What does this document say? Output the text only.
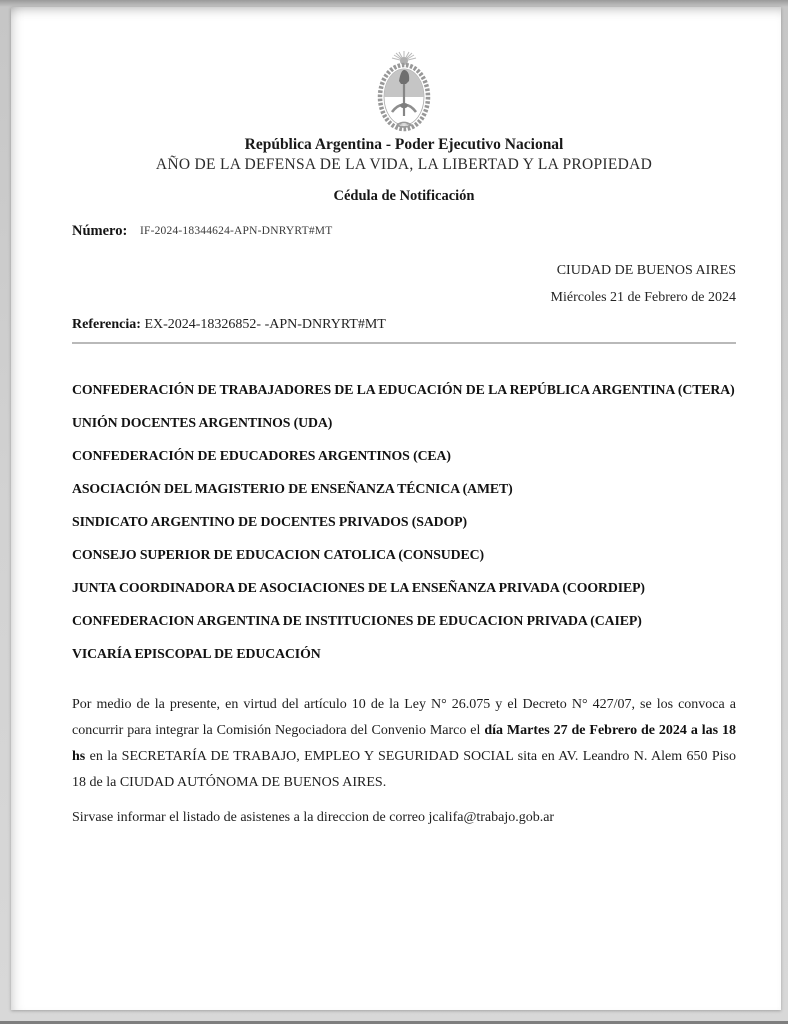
República Argentina - Poder Ejecutivo Nacional
AÑO DE LA DEFENSA DE LA VIDA, LA LIBERTAD Y LA PROPIEDAD
Cédula de Notificación
Número: IF-2024-18344624-APN-DNRYRT#MT
CIUDAD DE BUENOS AIRES
Miércoles 21 de Febrero de 2024
Referencia: EX-2024-18326852- -APN-DNRYRT#MT
CONFEDERACIÓN DE TRABAJADORES DE LA EDUCACIÓN DE LA REPÚBLICA ARGENTINA (CTERA)
UNIÓN DOCENTES ARGENTINOS (UDA)
CONFEDERACIÓN DE EDUCADORES ARGENTINOS (CEA)
ASOCIACIÓN DEL MAGISTERIO DE ENSEÑANZA TÉCNICA (AMET)
SINDICATO ARGENTINO DE DOCENTES PRIVADOS (SADOP)
CONSEJO SUPERIOR DE EDUCACION CATOLICA (CONSUDEC)
JUNTA COORDINADORA DE ASOCIACIONES DE LA ENSEÑANZA PRIVADA (COORDIEP)
CONFEDERACION ARGENTINA DE INSTITUCIONES DE EDUCACION PRIVADA (CAIEP)
VICARÍA EPISCOPAL DE EDUCACIÓN

Por medio de la presente, en virtud del artículo 10 de la Ley N° 26.075 y el Decreto N° 427/07, se los convoca a concurrir para integrar la Comisión Negociadora del Convenio Marco el día Martes 27 de Febrero de 2024 a las 18 hs en la SECRETARÍA DE TRABAJO, EMPLEO Y SEGURIDAD SOCIAL sita en AV. Leandro N. Alem 650 Piso 18 de la CIUDAD AUTÓNOMA DE BUENOS AIRES.

Sirvase informar el listado de asistenes a la direccion de correo jcalifa@trabajo.gob.ar
